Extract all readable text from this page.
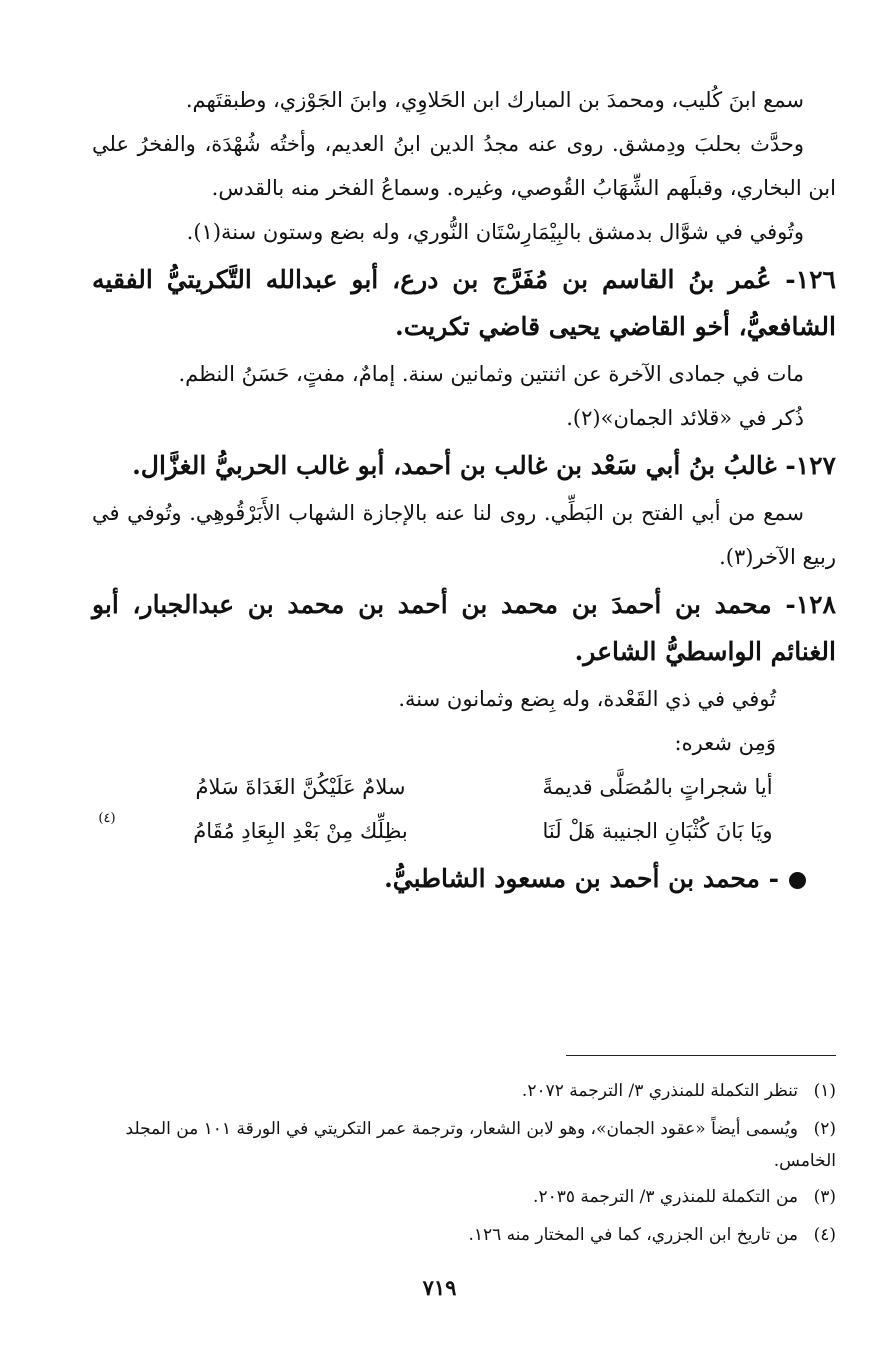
سمع ابنَ كُليب، ومحمدَ بن المبارك ابن الحَلاوِي، وابنَ الجَوْزي، وطبقتَهم.

وحدَّث بحلبَ ودِمشق. روى عنه مجدُ الدين ابنُ العديم، وأختُه شُهْدَة، والفخرُ علي ابن البخاري، وقبلَهم الشِّهَابُ القُوصي، وغيره. وسماعُ الفخر منه بالقدس.

وتُوفي في شوَّال بدمشق بالبِيْمَارِسْتَان النُّوري، وله بضع وستون سنة(١).

١٢٦- عُمر بنُ القاسم بن مُفَرَّج بن درع، أبو عبدالله التَّكريتيُّ الفقيه الشافعيُّ، أخو القاضي يحيى قاضي تكريت.

مات في جمادى الآخرة عن اثنتين وثمانين سنة. إمامٌ، مفتٍ، حَسَنُ النظم.

ذُكر في «قلائد الجمان»(٢).

١٢٧- غالبُ بنُ أبي سَعْد بن غالب بن أحمد، أبو غالب الحربيُّ الغزَّال.

سمع من أبي الفتح بن البَطِّي. روى لنا عنه بالإجازة الشهاب الأَبَرْقُوهِي. وتُوفي في ربيع الآخر(٣).

١٢٨- محمد بن أحمدَ بن محمد بن أحمد بن محمد بن عبدالجبار، أبو الغنائم الواسطيُّ الشاعر.

تُوفي في ذي القَعْدة، وله بِضع وثمانون سنة.

وَمِن شعره:

أيا شجراتٍ بالمُصَلَّى قديمةً
سلامٌ عَلَيْكُنَّ الغَدَاةَ سَلامُ
ويَا بَانَ كُثْبَانِ الجنيبة هَلْ لَنَا
بظِلِّك مِنْ بَعْدِ البِعَادِ مُقَامُ
(٤)

- محمد بن أحمد بن مسعود الشاطبيُّ.

(١)تنظر التكملة للمنذري ٣/ الترجمة ٢٠٧٢.
(٢)ويُسمى أيضاً «عقود الجمان»، وهو لابن الشعار، وترجمة عمر التكريتي في الورقة ١٠١ من المجلد الخامس.
(٣)من التكملة للمنذري ٣/ الترجمة ٢٠٣٥.
(٤)من تاريخ ابن الجزري، كما في المختار منه ١٢٦.
٧١٩
